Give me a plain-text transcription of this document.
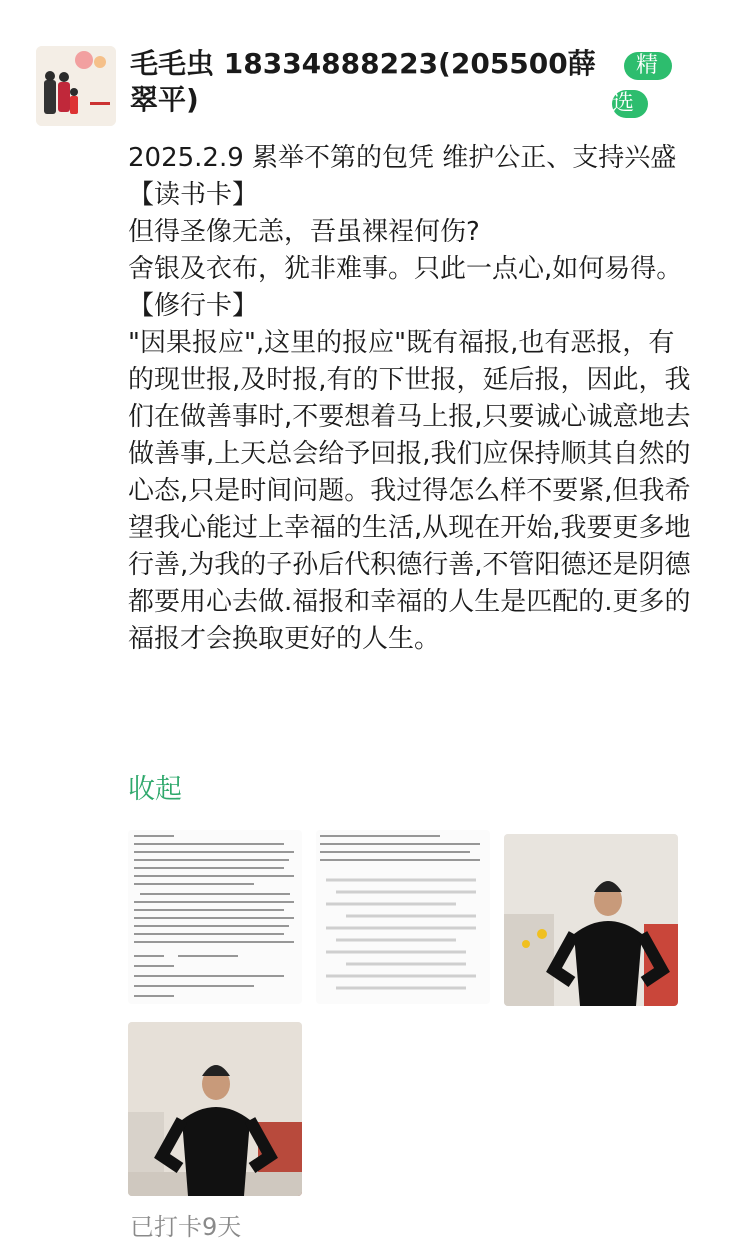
毛毛虫 18334888223(205500薛翠平)
精
选

2025.2.9 累举不第的包凭 维护公正、支持兴盛

【读书卡】

但得圣像无恙，吾虽裸裎何伤?

舍银及衣布，犹非难事。只此一点心,如何易得。

【修行卡】

"因果报应",这里的报应"既有福报,也有恶报，有的现世报,及时报,有的下世报，延后报，因此，我们在做善事时,不要想着马上报,只要诚心诚意地去做善事,上天总会给予回报,我们应保持顺其自然的心态,只是时间问题。我过得怎么样不要紧,但我希望我心能过上幸福的生活,从现在开始,我要更多地行善,为我的子孙后代积德行善,不管阳德还是阴德都要用心去做.福报和幸福的人生是匹配的.更多的福报才会换取更好的人生。

收起
已打卡9天
